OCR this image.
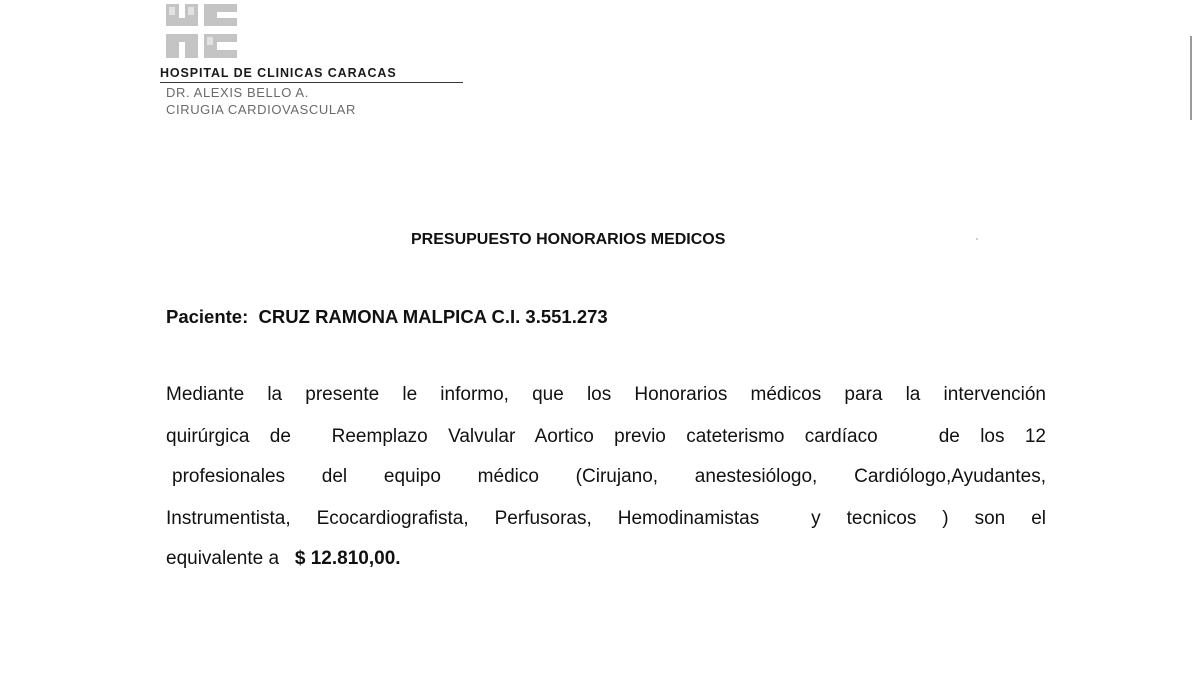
HOSPITAL DE CLINICAS CARACAS
DR. ALEXIS BELLO A.
CIRUGIA CARDIOVASCULAR
PRESUPUESTO HONORARIOS MEDICOS
Paciente: CRUZ RAMONA MALPICA C.I. 3.551.273
Mediante la presente le informo, que los Honorarios médicos para la intervención
quirúrgica de  Reemplazo Valvular Aortico previo cateterismo cardíaco   de los 12
profesionales del equipo médico (Cirujano, anestesiólogo, Cardiólogo,Ayudantes,
Instrumentista, Ecocardiografista, Perfusoras, Hemodinamistas  y tecnicos ) son el
equivalente a $ 12.810,00.
